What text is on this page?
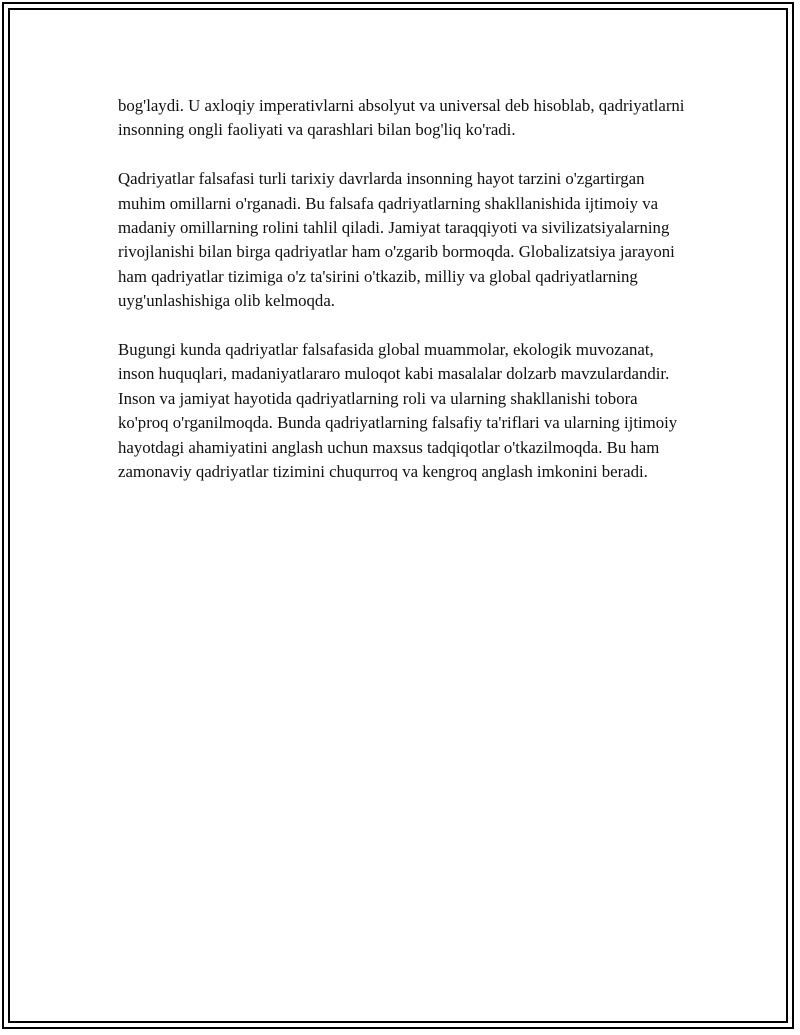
bog'laydi. U axloqiy imperativlarni absolyut va universal deb hisoblab, qadriyatlarni insonning ongli faoliyati va qarashlari bilan bog'liq ko'radi.

Qadriyatlar falsafasi turli tarixiy davrlarda insonning hayot tarzini o'zgartirgan muhim omillarni o'rganadi. Bu falsafa qadriyatlarning shakllanishida ijtimoiy va madaniy omillarning rolini tahlil qiladi. Jamiyat taraqqiyoti va sivilizatsiyalarning rivojlanishi bilan birga qadriyatlar ham o'zgarib bormoqda. Globalizatsiya jarayoni ham qadriyatlar tizimiga o'z ta'sirini o'tkazib, milliy va global qadriyatlarning uyg'unlashishiga olib kelmoqda.

Bugungi kunda qadriyatlar falsafasida global muammolar, ekologik muvozanat, inson huquqlari, madaniyatlararo muloqot kabi masalalar dolzarb mavzulardandir. Inson va jamiyat hayotida qadriyatlarning roli va ularning shakllanishi tobora ko'proq o'rganilmoqda. Bunda qadriyatlarning falsafiy ta'riflari va ularning ijtimoiy hayotdagi ahamiyatini anglash uchun maxsus tadqiqotlar o'tkazilmoqda. Bu ham zamonaviy qadriyatlar tizimini chuqurroq va kengroq anglash imkonini beradi.
